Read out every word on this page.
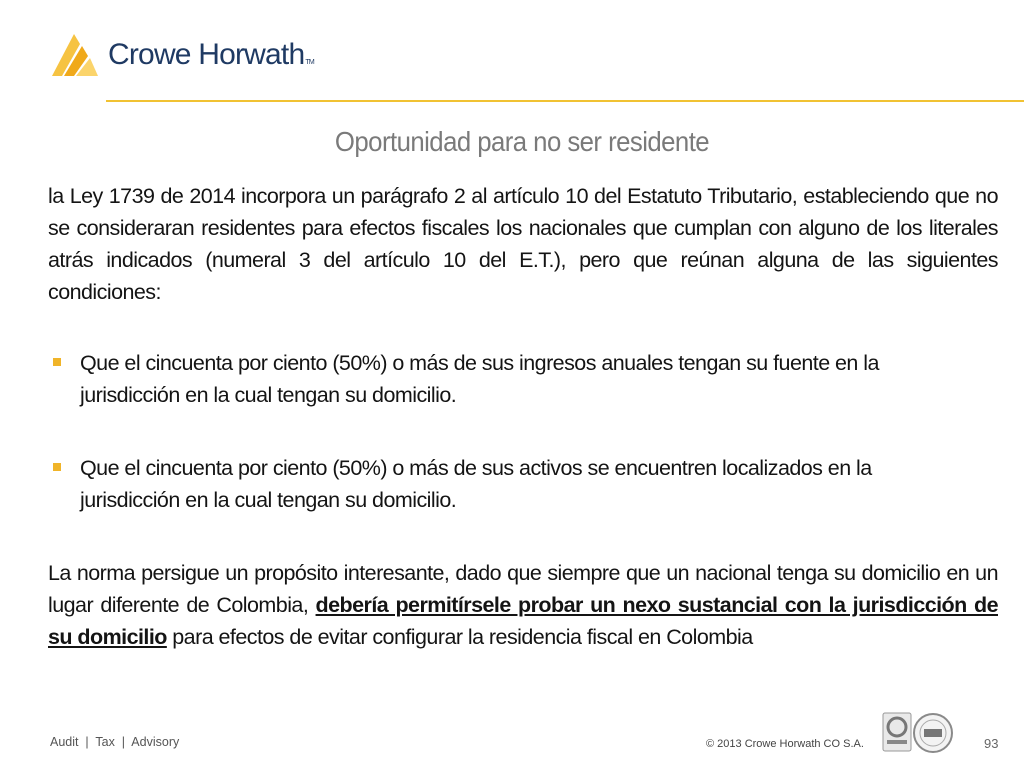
Crowe HorwathTM
Oportunidad para no ser residente
la Ley 1739 de 2014 incorpora un parágrafo 2 al artículo 10 del Estatuto Tributario, estableciendo que no se consideraran residentes para efectos fiscales los nacionales que cumplan con alguno de los literales atrás indicados (numeral 3 del artículo 10 del E.T.), pero que reúnan alguna de las siguientes condiciones:
Que el cincuenta por ciento (50%) o más de sus ingresos anuales tengan su fuente en la jurisdicción en la cual tengan su domicilio.
Que el cincuenta por ciento (50%) o más de sus activos se encuentren localizados en la jurisdicción en la cual tengan su domicilio.
La norma persigue un propósito interesante, dado que siempre que un nacional tenga su domicilio en un lugar diferente de Colombia, debería permitírsele probar un nexo sustancial con la jurisdicción de su domicilio para efectos de evitar configurar la residencia fiscal en Colombia
Audit  |  Tax  |  Advisory	© 2013 Crowe Horwath CO S.A.	93
